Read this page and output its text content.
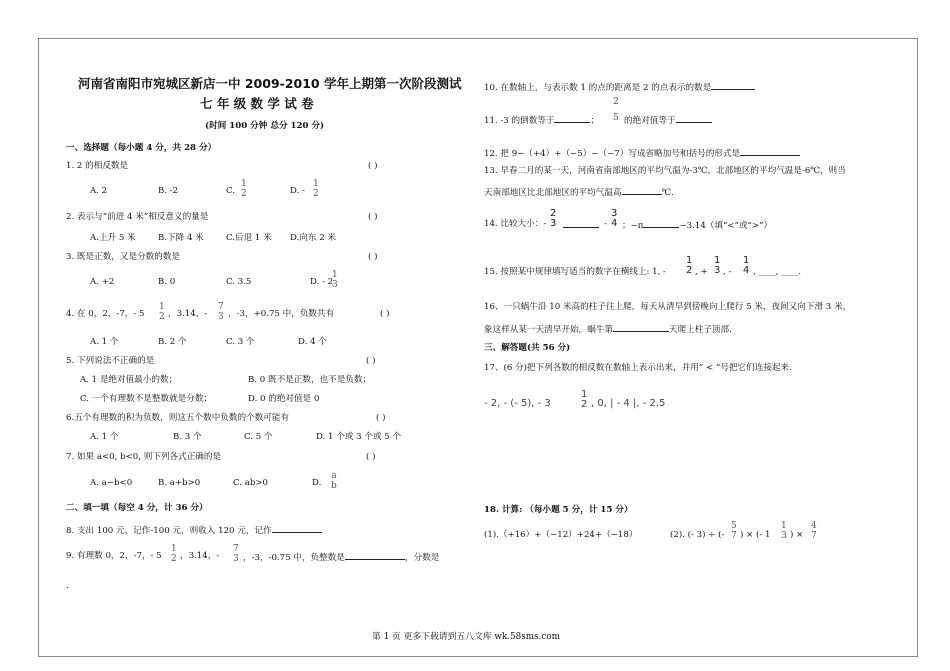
河南省南阳市宛城区新店一中 2009-2010 学年上期第一次阶段测试
七 年 级 数 学 试 卷
(时间 100 分钟 总分 120 分)
一、选择题（每小题 4 分，共 28 分）
1. 2 的相反数是	( )
A. 2	B. -2	C.
1
2	D. -
1
2
2. 表示与“前进 4 米”相反意义的量是	( )
A.上升 5 米	B.下降 4 米	C.后退 1 米 D.向东 2 米
3. 既是正数，又是分数的数是	( )
A. +2	B. 0	C. 3.5	D. - 2
1
3
4. 在 0，2，-7，- 5
1
2 ，3.14，-
7
3 ，-3，+0.75 中，负数共有	( )
A. 1 个	B. 2 个	C. 3 个	D. 4 个
5. 下列说法不正确的是	( )
A. 1 是绝对值最小的数；	B. 0 既不是正数，也不是负数；
C. 一个有理数不是整数就是分数；	D. 0 的绝对值是 0
6.五个有理数的积为负数，则这五个数中负数的个数可能有	( )
A. 1 个	B. 3 个	C. 5 个	D. 1 个或 3 个或 5 个
7. 如果 a<0, b<0, 则下列各式正确的是	( )
A. a−b<0	B. a+b>0	C. ab>0	D.
a
b
二、填一填（每空 4 分，计 36 分）
8. 支出 100 元，记作-100 元，则收入 120 元，记作
9. 有理数 0，2，-7，- 5
1
2 ，3.14，-
7
3 ，-3，-0.75 中，负整数是	，分数是
.
10. 在数轴上，与表示数 1 的点的距离是 2 的点表示的数是
11. -3 的倒数等于	；
2
5 的绝对值等于
12. 把 9−（+4）+（−5）−（−7）写成省略加号和括号的形式是
13. 早春二月的某一天，河南省南部地区的平均气温为-3℃，北部地区的平均气温是-6℃，则当
天南部地区比北部地区的平均气温高	℃.
14. 比较大小：-
2
3	-
3
4 ；−π	−3.14（填“<”或“>”）
15. 按照某中规律填写适当的数字在横线上: 1, -
1
2 , +
1
3 , -
1
4 , ____, ____.
16、一只蜗牛沿 10 米高的柱子往上爬，每天从清早到傍晚向上爬行 5 米，夜间又向下滑 3 米，
象这样从某一天清早开始，蜗牛第	天爬上柱子顶部.
三、解答题(共 56 分)
17、(6 分)把下列各数的相反数在数轴上表示出来，并用” < ”号把它们连接起来.
- 2, - (- 5), - 3
1
2 , 0, | - 4 |, - 2.5
18. 计算: （每小题 5 分，计 15 分）
(1).（+16）+（−12）+24+（−18）	(2). (- 3) ÷ (-
5
7 ) × (- 1
1
3 ) ×
4
7
第 1 页 更多下载请到五八文库 wk.58sms.com
